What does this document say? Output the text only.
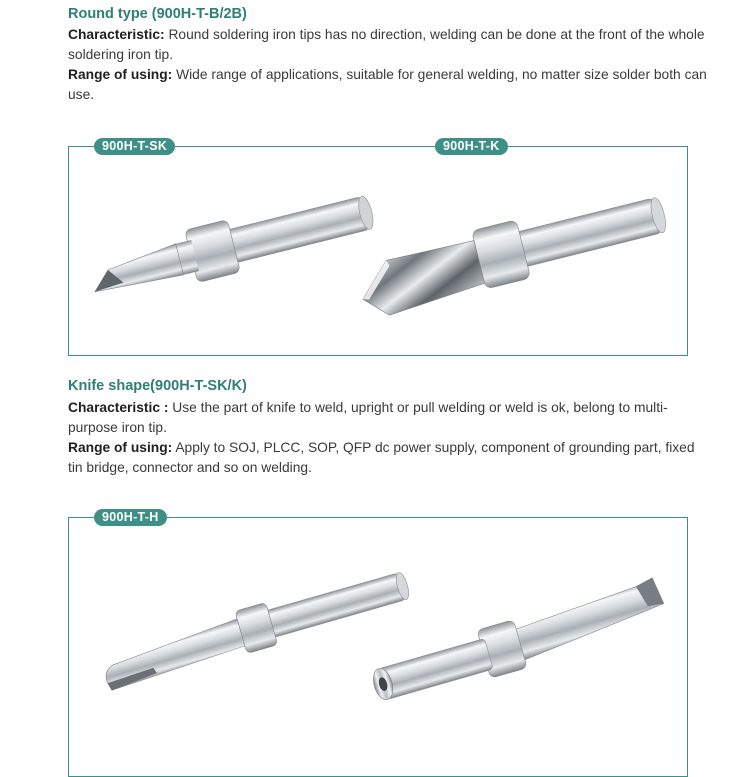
Round type (900H-T-B/2B)

Characteristic: Round soldering iron tips has no direction, welding can be done at the front of the whole soldering iron tip.

Range of using: Wide range of applications, suitable for general welding, no matter size solder both can use.

900H-T-SK	900H-T-K
Knife shape(900H-T-SK/K)

Characteristic : Use the part of knife to weld, upright or pull welding or weld is ok, belong to multi-purpose iron tip.

Range of using: Apply to SOJ, PLCC, SOP, QFP dc power supply, component of grounding part, fixed tin bridge, connector and so on welding.

900H-T-H
